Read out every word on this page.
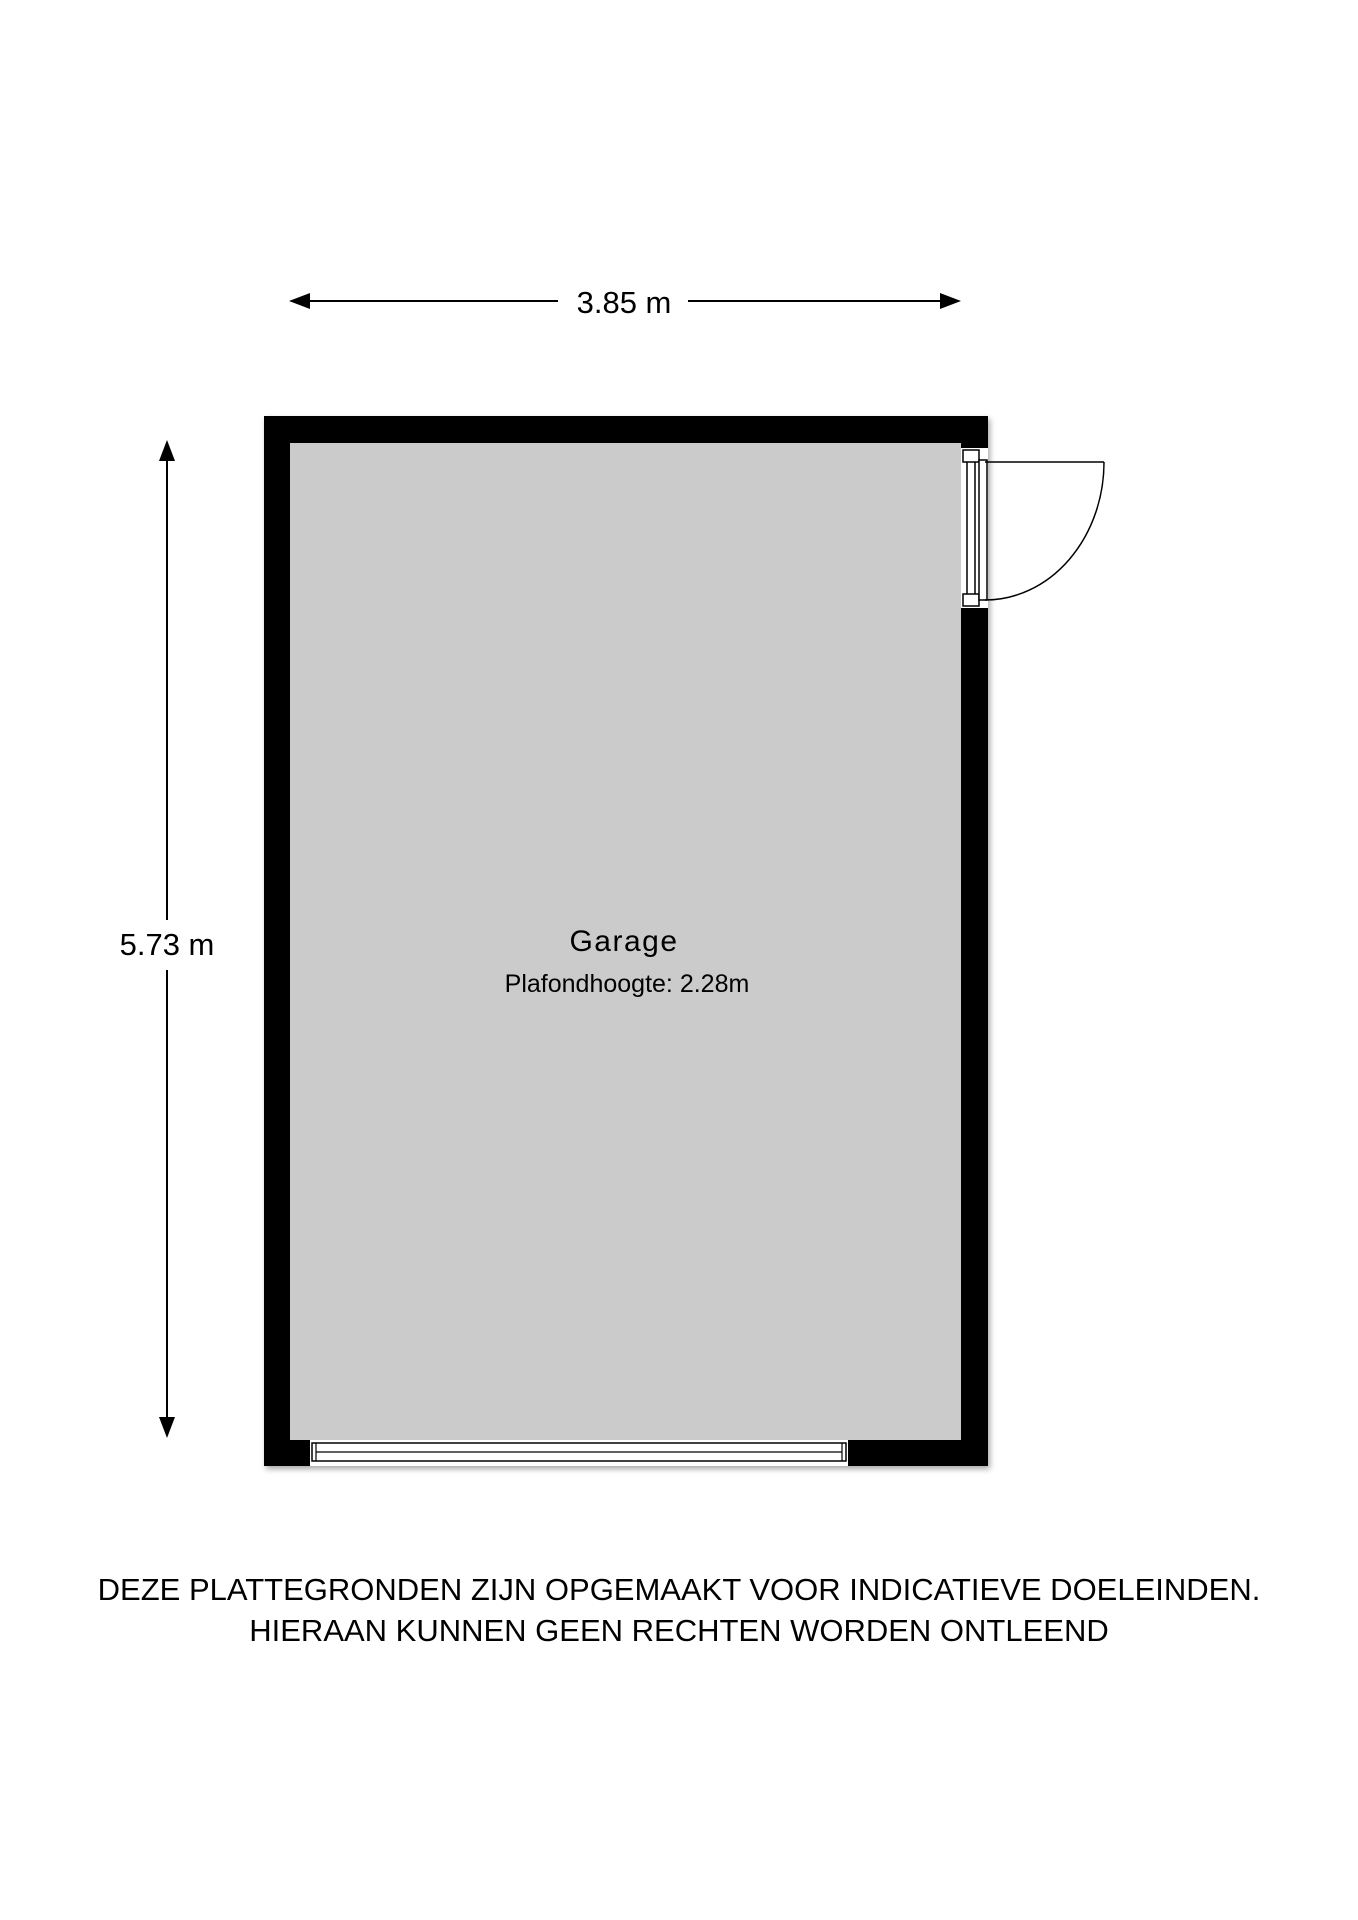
3.85 m
5.73 m	Garage
Plafondhoogte: 2.28m
DEZE PLATTEGRONDEN ZIJN OPGEMAAKT VOOR INDICATIEVE DOELEINDEN.
HIERAAN KUNNEN GEEN RECHTEN WORDEN ONTLEEND
